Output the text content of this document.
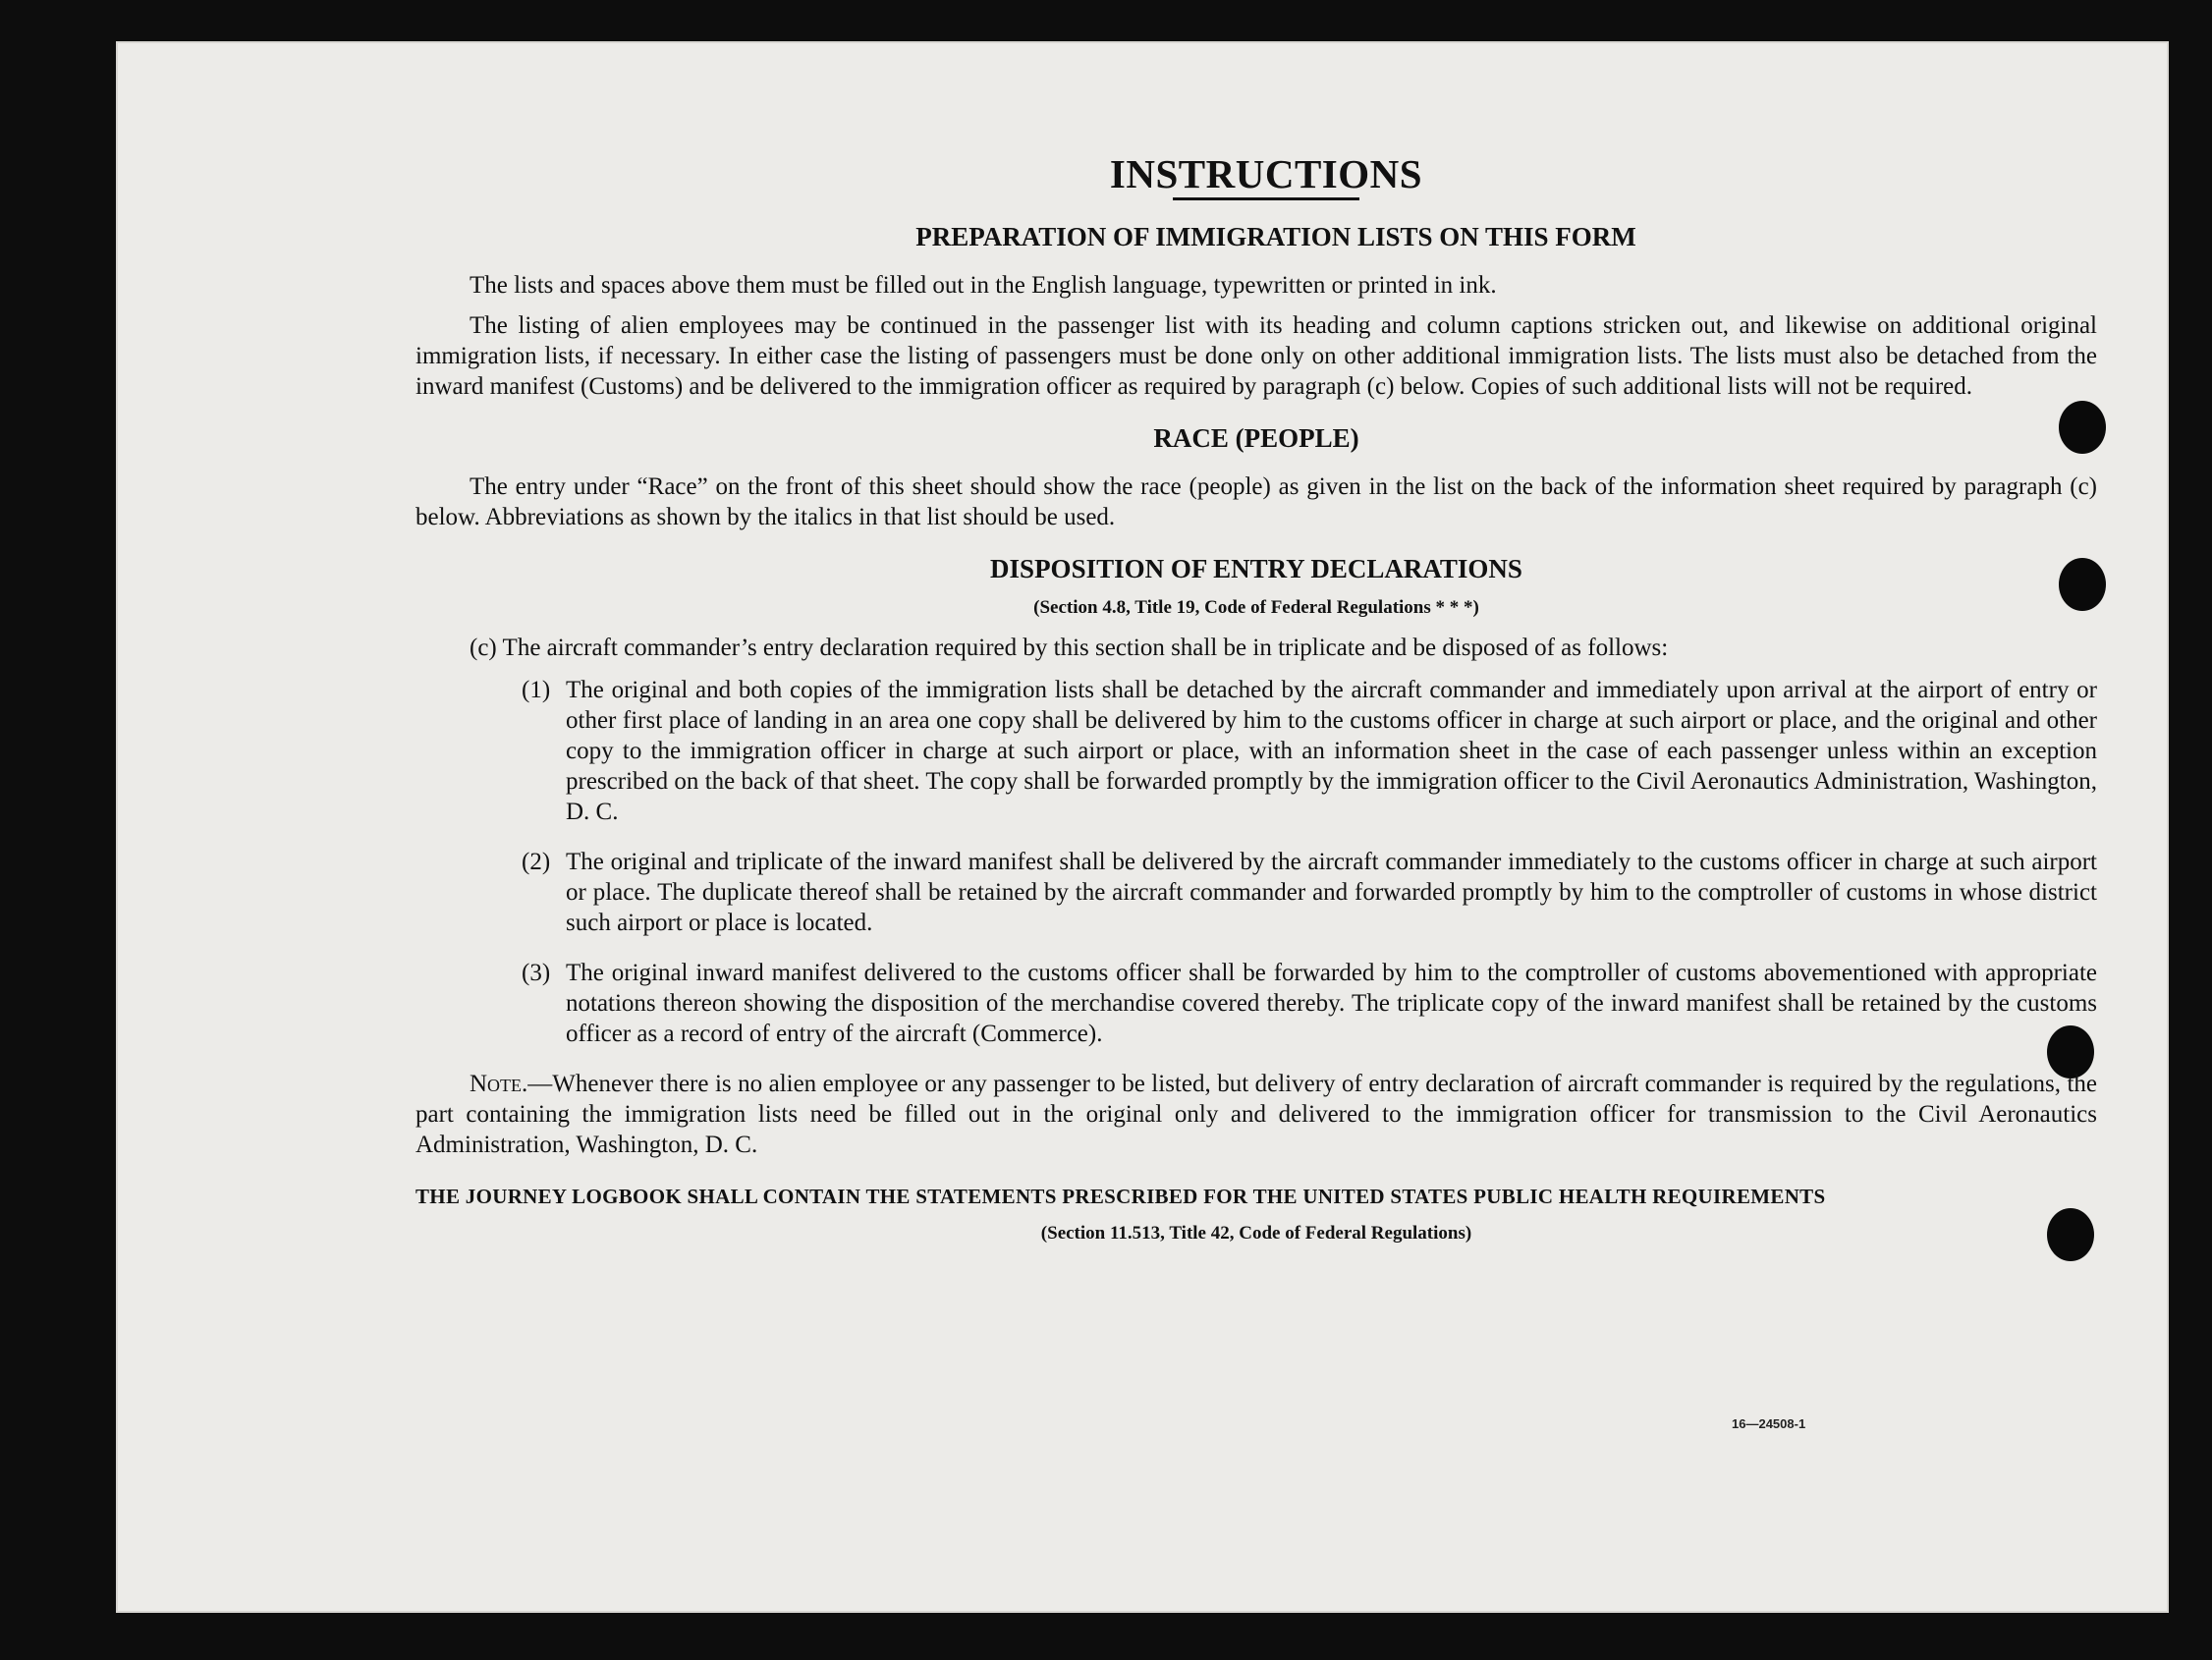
INSTRUCTIONS
PREPARATION OF IMMIGRATION LISTS ON THIS FORM

The lists and spaces above them must be filled out in the English language, typewritten or printed in ink.

The listing of alien employees may be continued in the passenger list with its heading and column captions stricken out, and likewise on additional original immigration lists, if necessary. In either case the listing of passengers must be done only on other additional immigration lists. The lists must also be detached from the inward manifest (Customs) and be delivered to the immigration officer as required by paragraph (c) below. Copies of such additional lists will not be required.

RACE (PEOPLE)

The entry under “Race” on the front of this sheet should show the race (people) as given in the list on the back of the information sheet required by paragraph (c) below. Abbreviations as shown by the italics in that list should be used.

DISPOSITION OF ENTRY DECLARATIONS
(Section 4.8, Title 19, Code of Federal Regulations * * *)

(c) The aircraft commander’s entry declaration required by this section shall be in triplicate and be disposed of as follows:

(1) The original and both copies of the immigration lists shall be detached by the aircraft commander and immediately upon arrival at the airport of entry or other first place of landing in an area one copy shall be delivered by him to the customs officer in charge at such airport or place, and the original and other copy to the immigration officer in charge at such airport or place, with an information sheet in the case of each passenger unless within an exception prescribed on the back of that sheet. The copy shall be forwarded promptly by the immigration officer to the Civil Aeronautics Administration, Washington, D. C.
(2) The original and triplicate of the inward manifest shall be delivered by the aircraft commander immediately to the customs officer in charge at such airport or place. The duplicate thereof shall be retained by the aircraft commander and forwarded promptly by him to the comptroller of customs in whose district such airport or place is located.
(3) The original inward manifest delivered to the customs officer shall be forwarded by him to the comptroller of customs abovementioned with appropriate notations thereon showing the disposition of the merchandise covered thereby. The triplicate copy of the inward manifest shall be retained by the customs officer as a record of entry of the aircraft (Commerce).

Note.—Whenever there is no alien employee or any passenger to be listed, but delivery of entry declaration of aircraft commander is required by the regulations, the part containing the immigration lists need be filled out in the original only and delivered to the immigration officer for transmission to the Civil Aeronautics Administration, Washington, D. C.

THE JOURNEY LOGBOOK SHALL CONTAIN THE STATEMENTS PRESCRIBED FOR THE UNITED STATES PUBLIC HEALTH REQUIREMENTS
(Section 11.513, Title 42, Code of Federal Regulations)
16—24508-1
